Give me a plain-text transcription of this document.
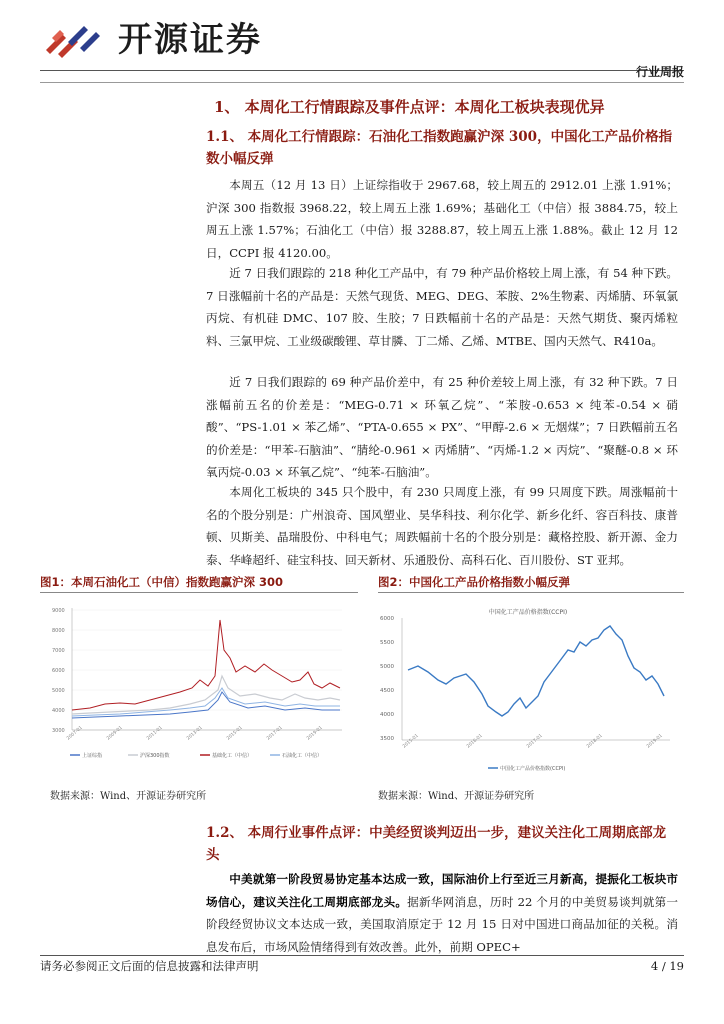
开源证券
行业周报
1、 本周化工行情跟踪及事件点评：本周化工板块表现优异
1.1、 本周化工行情跟踪：石油化工指数跑赢沪深 300，中国化工产品价格指数小幅反弹
本周五（12 月 13 日）上证综指收于 2967.68，较上周五的 2912.01 上涨 1.91%；沪深 300 指数报 3968.22，较上周五上涨 1.69%；基础化工（中信）报 3884.75，较上周五上涨 1.57%；石油化工（中信）报 3288.87，较上周五上涨 1.88%。截止 12 月 12 日，CCPI 报 4120.00。
近 7 日我们跟踪的 218 种化工产品中，有 79 种产品价格较上周上涨，有 54 种下跌。7 日涨幅前十名的产品是：天然气现货、MEG、DEG、苯胺、2%生物素、丙烯腈、环氧氯丙烷、有机硅 DMC、107 胶、生胶；7 日跌幅前十名的产品是：天然气期货、聚丙烯粒料、三氯甲烷、工业级碳酸锂、草甘膦、丁二烯、乙烯、MTBE、国内天然气、R410a。
近 7 日我们跟踪的 69 种产品价差中，有 25 种价差较上周上涨，有 32 种下跌。7 日涨幅前五名的价差是：“MEG-0.71 × 环氧乙烷”、“苯胺-0.653 × 纯苯-0.54 × 硝酸”、“PS-1.01 × 苯乙烯”、“PTA-0.655 × PX”、“甲醇-2.6 × 无烟煤”；7 日跌幅前五名的价差是：“甲苯-石脑油”、“腈纶-0.961 × 丙烯腈”、“丙烯-1.2 × 丙烷”、“聚醚-0.8 × 环氧丙烷-0.03 × 环氧乙烷”、“纯苯-石脑油”。
本周化工板块的 345 只个股中，有 230 只周度上涨，有 99 只周度下跌。周涨幅前十名的个股分别是：广州浪奇、国风塑业、昊华科技、利尔化学、新乡化纤、容百科技、康普顿、贝斯美、晶瑞股份、中科电气；周跌幅前十名的个股分别是：藏格控股、新开源、金力泰、华峰超纤、硅宝科技、回天新材、乐通股份、高科石化、百川股份、ST 亚邦。
图1：本周石油化工（中信）指数跑赢沪深 300
9000
8000
7000
6000
5000
4000
3000 2007-01	2009-01	2011-01	2013-01	2015-01	2017-01	2019-01
上证综指	沪深300指数	基础化工（中信）	石油化工（中信）
数据来源：Wind、开源证券研究所
图2：中国化工产品价格指数小幅反弹
中国化工产品价格指数(CCPI)
6000
5500
5000
4500
4000
3500 2015-01	2016-01	2017-01	2018-01	2019-01
中国化工产品价格指数(CCPI)
数据来源：Wind、开源证券研究所
1.2、 本周行业事件点评：中美经贸谈判迈出一步，建议关注化工周期底部龙头
中美就第一阶段贸易协定基本达成一致，国际油价上行至近三月新高，提振化工板块市场信心，建议关注化工周期底部龙头。据新华网消息，历时 22 个月的中美贸易谈判就第一阶段经贸协议文本达成一致，美国取消原定于 12 月 15 日对中国进口商品加征的关税。消息发布后，市场风险情绪得到有效改善。此外，前期 OPEC+
请务必参阅正文后面的信息披露和法律声明	4 / 19
